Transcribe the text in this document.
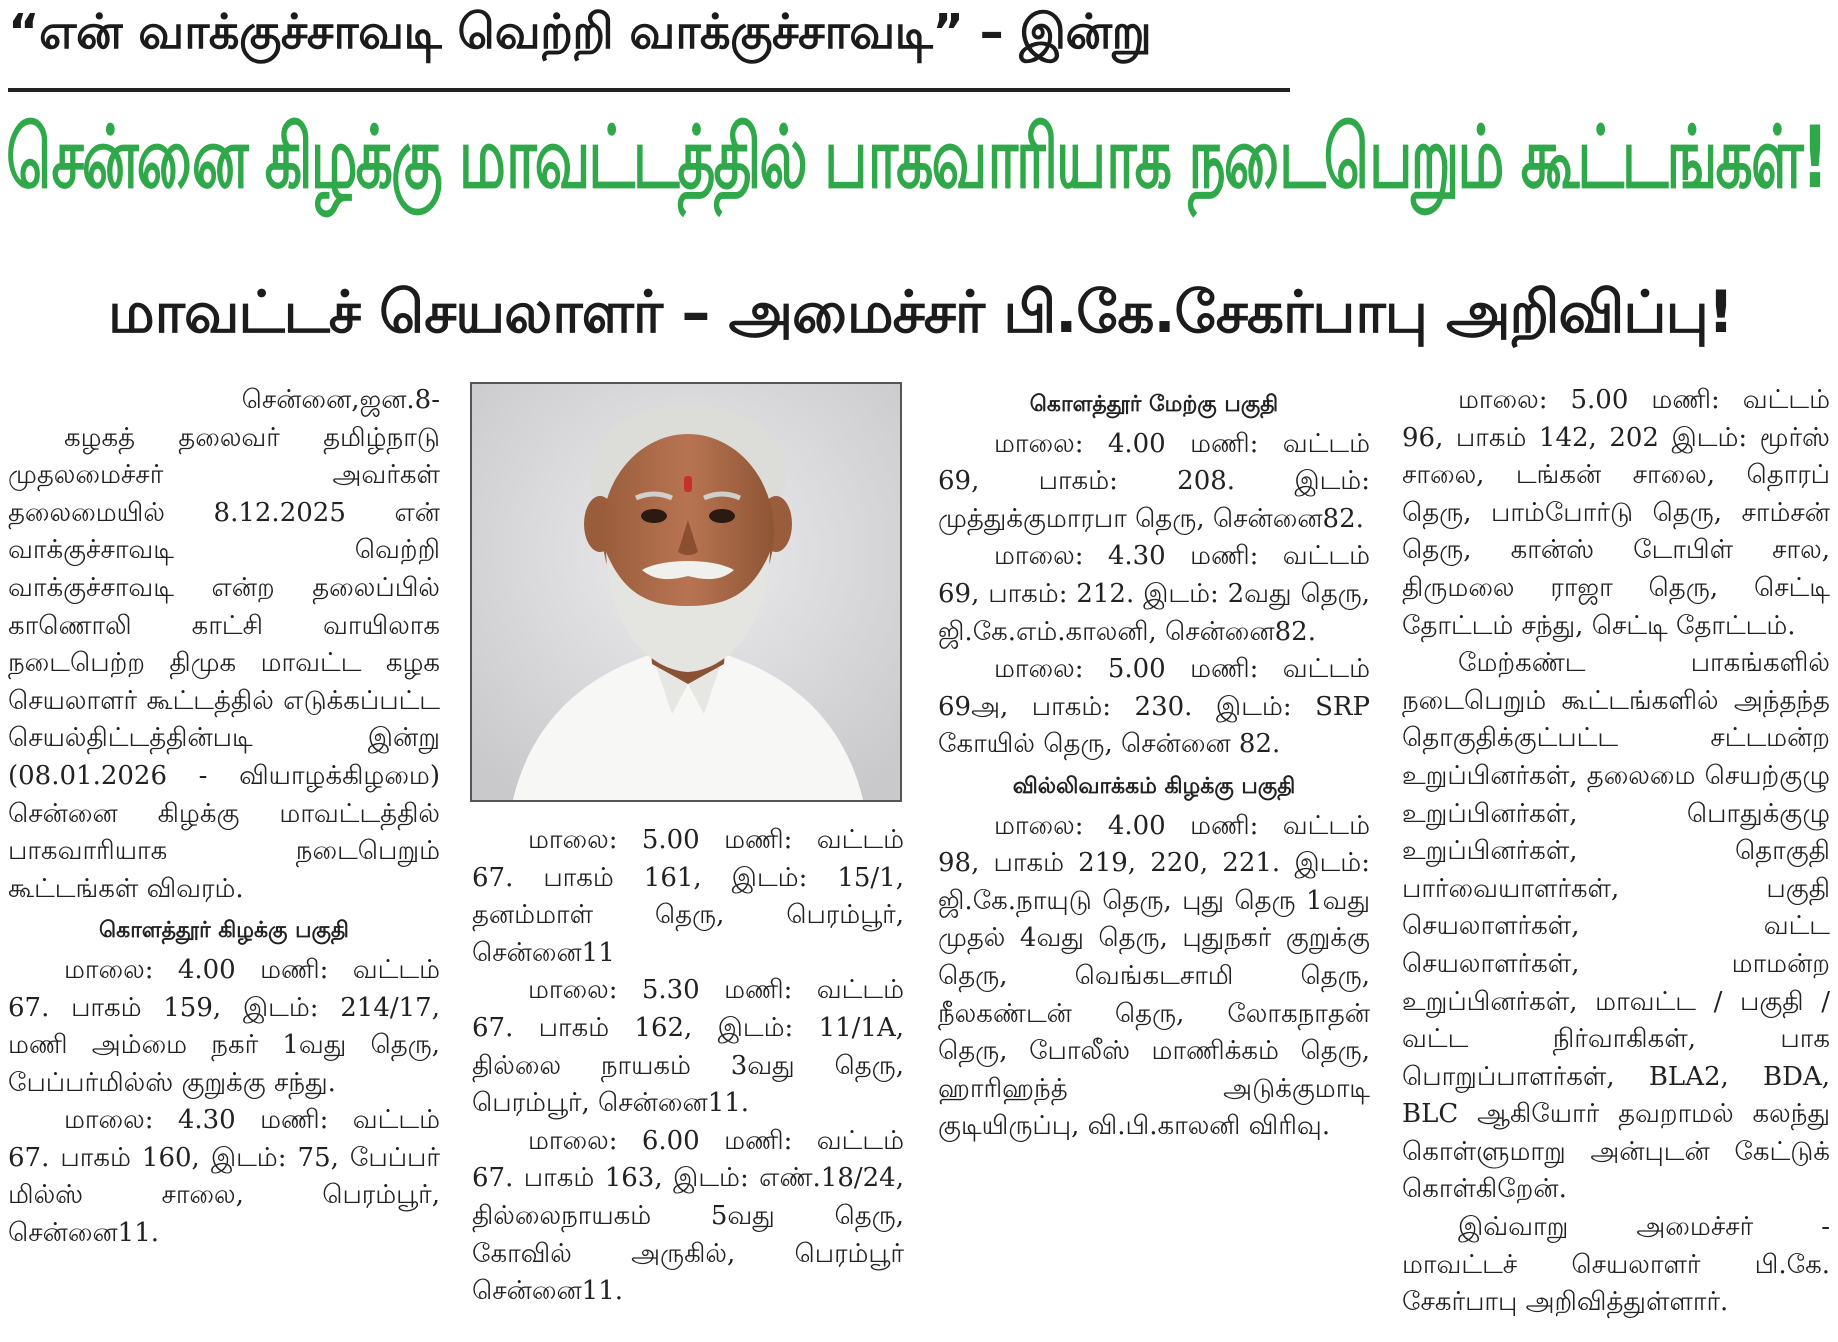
“என் வாக்குச்சாவடி வெற்றி வாக்குச்சாவடி” – இன்று
சென்னை கிழக்கு மாவட்டத்தில் பாகவாரியாக நடைபெறும் கூட்டங்கள்!
மாவட்டச் செயலாளர் – அமைச்சர் பி.கே.சேகர்பாபு அறிவிப்பு!

சென்னை,ஜன.8-

கழகத் தலைவர் தமிழ்நாடு முதலமைச்சர் அவர்கள் தலைமையில் 8.12.2025 என் வாக்குச்சாவடி வெற்றி வாக்குச்சாவடி என்ற தலைப்பில் காணொலி காட்சி வாயிலாக நடைபெற்ற திமுக மாவட்ட கழக செயலாளர் கூட்டத்தில் எடுக்கப்பட்ட செயல்திட்டத்தின்படி இன்று (08.01.2026 - வியாழக்கிழமை) சென்னை கிழக்கு மாவட்டத்தில் பாகவாரியாக நடைபெறும் கூட்டங்கள் விவரம்.

கொளத்தூர் கிழக்கு பகுதி

மாலை: 4.00 மணி: வட்டம் 67. பாகம் 159, இடம்: 214/17, மணி அம்மை நகர் 1வது தெரு, பேப்பர்மில்ஸ் குறுக்கு சந்து.

மாலை: 4.30 மணி: வட்டம் 67. பாகம் 160, இடம்: 75, பேப்பர் மில்ஸ் சாலை, பெரம்பூர், சென்னை11.

மாலை: 5.00 மணி: வட்டம் 67. பாகம் 161, இடம்: 15/1, தனம்மாள் தெரு, பெரம்பூர், சென்னை11

மாலை: 5.30 மணி: வட்டம் 67. பாகம் 162, இடம்: 11/1A, தில்லை நாயகம் 3வது தெரு, பெரம்பூர், சென்னை11.

மாலை: 6.00 மணி: வட்டம் 67. பாகம் 163, இடம்: எண்.18/24, தில்லைநாயகம் 5வது தெரு, கோவில் அருகில், பெரம்பூர் சென்னை11.

கொளத்தூர் மேற்கு பகுதி

மாலை: 4.00 மணி: வட்டம் 69, பாகம்: 208. இடம்: முத்துக்குமாரபா தெரு, சென்னை82.

மாலை: 4.30 மணி: வட்டம் 69, பாகம்: 212. இடம்: 2வது தெரு, ஜி.கே.எம்.காலனி, சென்னை82.

மாலை: 5.00 மணி: வட்டம் 69அ, பாகம்: 230. இடம்: SRP கோயில் தெரு, சென்னை 82.

வில்லிவாக்கம் கிழக்கு பகுதி

மாலை: 4.00 மணி: வட்டம் 98, பாகம் 219, 220, 221. இடம்: ஜி.கே.நாயுடு தெரு, புது தெரு 1வது முதல் 4வது தெரு, புதுநகர் குறுக்கு தெரு, வெங்கடசாமி தெரு, நீலகண்டன் தெரு, லோகநாதன் தெரு, போலீஸ் மாணிக்கம் தெரு, ஹாரிஹந்த் அடுக்குமாடி குடியிருப்பு, வி.பி.காலனி விரிவு.

மாலை: 5.00 மணி: வட்டம் 96, பாகம் 142, 202 இடம்: மூர்ஸ் சாலை, டங்கன் சாலை, தொரப் தெரு, பாம்போர்டு தெரு, சாம்சன் தெரு, கான்ஸ் டோபிள் சால, திருமலை ராஜா தெரு, செட்டி தோட்டம் சந்து, செட்டி தோட்டம்.

மேற்கண்ட பாகங்களில் நடைபெறும் கூட்டங்களில் அந்தந்த தொகுதிக்குட்பட்ட சட்டமன்ற உறுப்பினர்கள், தலைமை செயற்குழு உறுப்பினர்கள், பொதுக்குழு உறுப்பினர்கள், தொகுதி பார்வையாளர்கள், பகுதி செயலாளர்கள், வட்ட செயலாளர்கள், மாமன்ற உறுப்பினர்கள், மாவட்ட / பகுதி / வட்ட நிர்வாகிகள், பாக பொறுப்பாளர்கள், BLA2, BDA, BLC ஆகியோர் தவறாமல் கலந்து கொள்ளுமாறு அன்புடன் கேட்டுக் கொள்கிறேன்.

இவ்வாறு அமைச்சர் - மாவட்டச் செயலாளர் பி.கே. சேகர்பாபு அறிவித்துள்ளார்.
